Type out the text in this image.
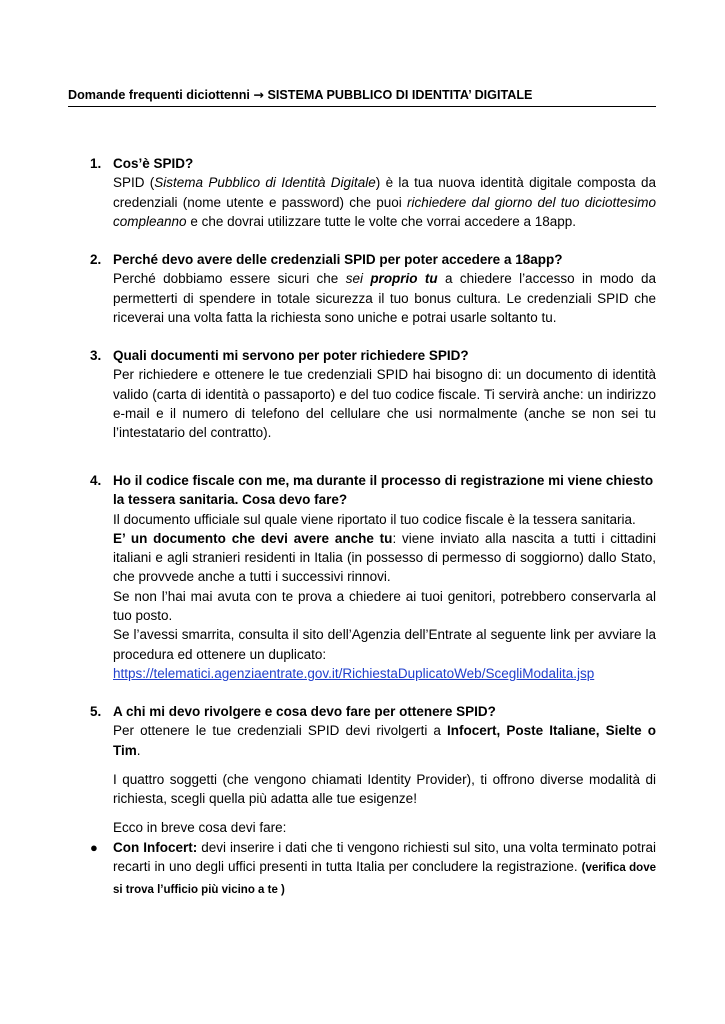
Domande frequenti diciottenni → SISTEMA PUBBLICO DI IDENTITA’ DIGITALE
1. Cos’è SPID?
SPID (Sistema Pubblico di Identità Digitale) è la tua nuova identità digitale composta da credenziali (nome utente e password) che puoi richiedere dal giorno del tuo diciottesimo compleanno e che dovrai utilizzare tutte le volte che vorrai accedere a 18app.
2. Perché devo avere delle credenziali SPID per poter accedere a 18app?
Perché dobbiamo essere sicuri che sei proprio tu a chiedere l’accesso in modo da permetterti di spendere in totale sicurezza il tuo bonus cultura. Le credenziali SPID che riceverai una volta fatta la richiesta sono uniche e potrai usarle soltanto tu.
3. Quali documenti mi servono per poter richiedere SPID?
Per richiedere e ottenere le tue credenziali SPID hai bisogno di: un documento di identità valido (carta di identità o passaporto) e del tuo codice fiscale. Ti servirà anche: un indirizzo e-mail e il numero di telefono del cellulare che usi normalmente (anche se non sei tu l’intestatario del contratto).
4. Ho il codice fiscale con me, ma durante il processo di registrazione mi viene chiesto la tessera sanitaria. Cosa devo fare?

Il documento ufficiale sul quale viene riportato il tuo codice fiscale è la tessera sanitaria.

E’ un documento che devi avere anche tu: viene inviato alla nascita a tutti i cittadini italiani e agli stranieri residenti in Italia (in possesso di permesso di soggiorno) dallo Stato, che provvede anche a tutti i successivi rinnovi.

Se non l’hai mai avuta con te prova a chiedere ai tuoi genitori, potrebbero conservarla al tuo posto.

Se l’avessi smarrita, consulta il sito dell’Agenzia dell’Entrate al seguente link per avviare la procedura ed ottenere un duplicato:

https://telematici.agenziaentrate.gov.it/RichiestaDuplicatoWeb/ScegliModalita.jsp

5. A chi mi devo rivolgere e cosa devo fare per ottenere SPID?

Per ottenere le tue credenziali SPID devi rivolgerti a Infocert, Poste Italiane, Sielte o Tim.

I quattro soggetti (che vengono chiamati Identity Provider), ti offrono diverse modalità di richiesta, scegli quella più adatta alle tue esigenze!

Ecco in breve cosa devi fare:

● Con Infocert: devi inserire i dati che ti vengono richiesti sul sito, una volta terminato potrai recarti in uno degli uffici presenti in tutta Italia per concludere la registrazione. (verifica dove si trova l’ufficio più vicino a te )
